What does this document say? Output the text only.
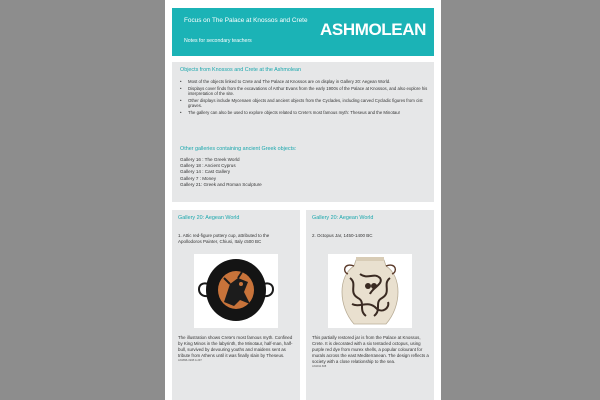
Focus on The Palace at Knossos and Crete
Notes for secondary teachers
ASHMOLEAN
Objects from Knossos and Crete at the Ashmolean
• Most of the objects linked to Crete and The Palace at Knossos are on display in Gallery 20: Aegean World.
• Displays cover finds from the excavations of Arthur Evans from the early 1900s of the Palace at Knossos, and also explore his interpretation of the site.
• Other displays include Mycenaen objects and ancient objects from the Cyclades, including carved Cycladic figures from cist graves.
• The gallery can also be used to explore objects related to Crete's most famous myth: Theseus and the Minotaur
Other galleries containing ancient Greek objects:
Gallery 16 : The Greek World
Gallery 18 : Ancient Cyprus
Gallery 14 : Cast Gallery
Gallery 7 : Money
Gallery 21: Greek and Roman Sculpture
Gallery 20: Aegean World
1. Attic red-figure pottery cup, attributed to the Apollodoros Painter, Chiusi, Italy c500 BC
The illustration shows Crete's most famous myth. Confined by King Minos in the labyrinth, the Minotaur, half-man, half-bull, survived by devouring youths and maidens sent as tribute from Athens until it was finally slain by Theseus.
AN1896-1908.G.297
Gallery 20: Aegean World
2. Octopus Jar, 1450-1400 BC
This partially restored jar is from the Palace at Knossos, Crete. It is decorated with a six tentacled octopus, using purple red dye from murex shells, a popular colourant for murals across the east Mediterranean. The design reflects a society with a close relationship to the sea.
AN1911.608
